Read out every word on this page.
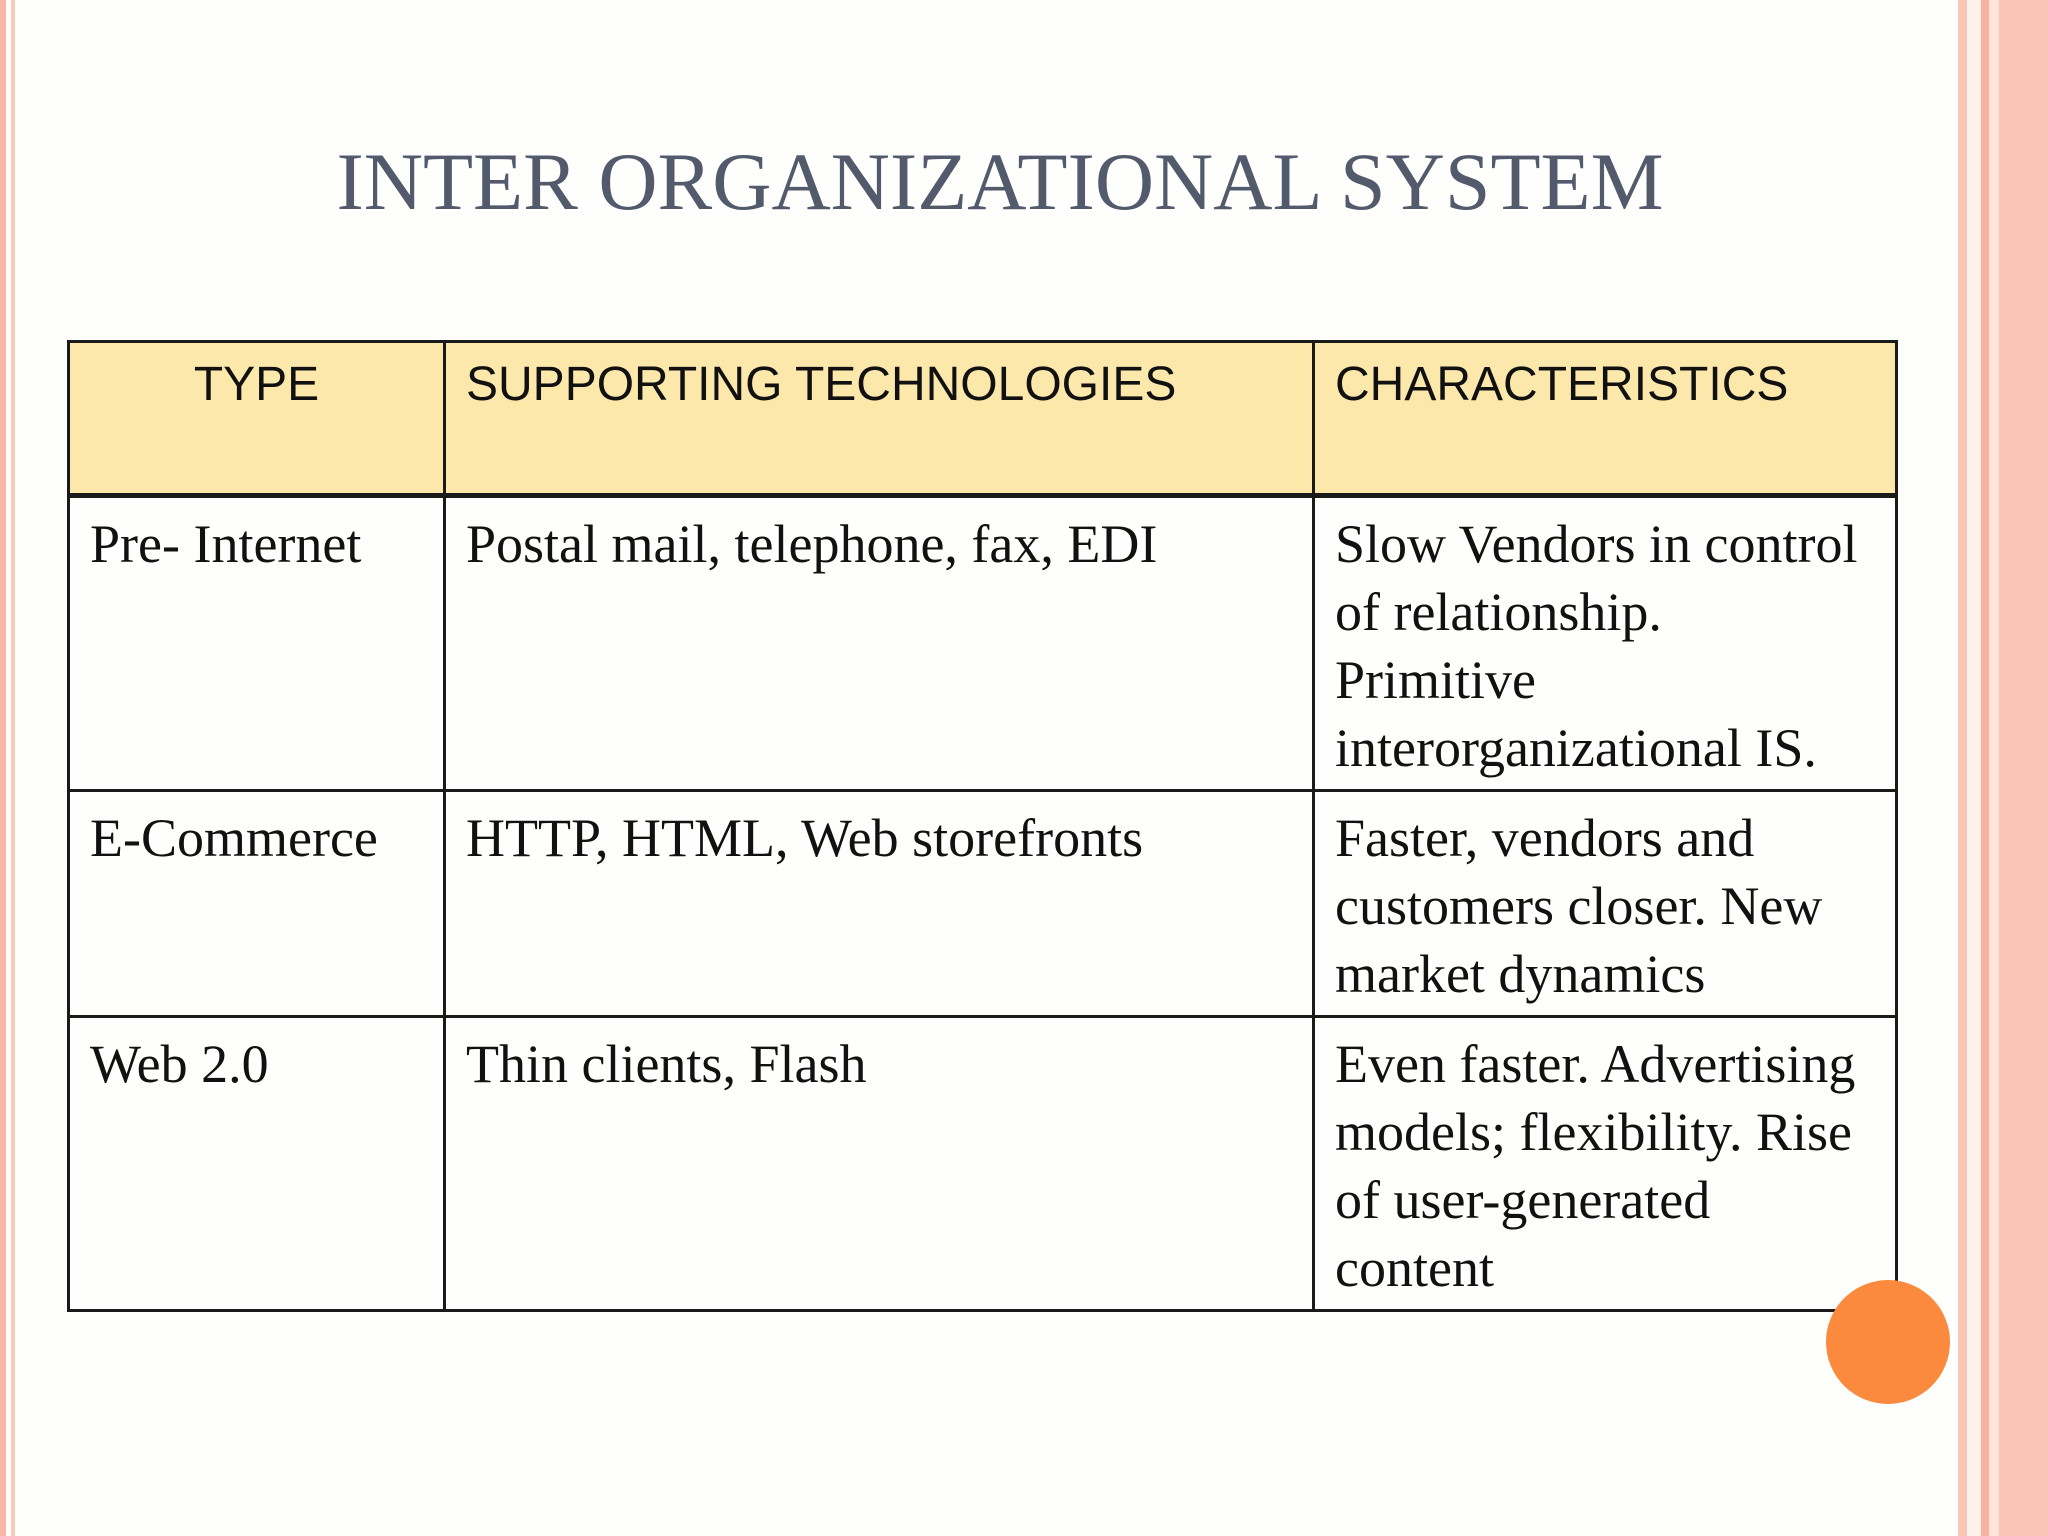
INTER ORGANIZATIONAL SYSTEM
TYPE	SUPPORTING TECHNOLOGIES	CHARACTERISTICS
Pre- Internet	Postal mail, telephone, fax, EDI	Slow Vendors in control of relationship. Primitive interorganizational IS.
E-Commerce	HTTP, HTML, Web storefronts	Faster, vendors and customers closer. New market dynamics
Web 2.0	Thin clients, Flash	Even faster. Advertising models; flexibility. Rise of user-generated content
